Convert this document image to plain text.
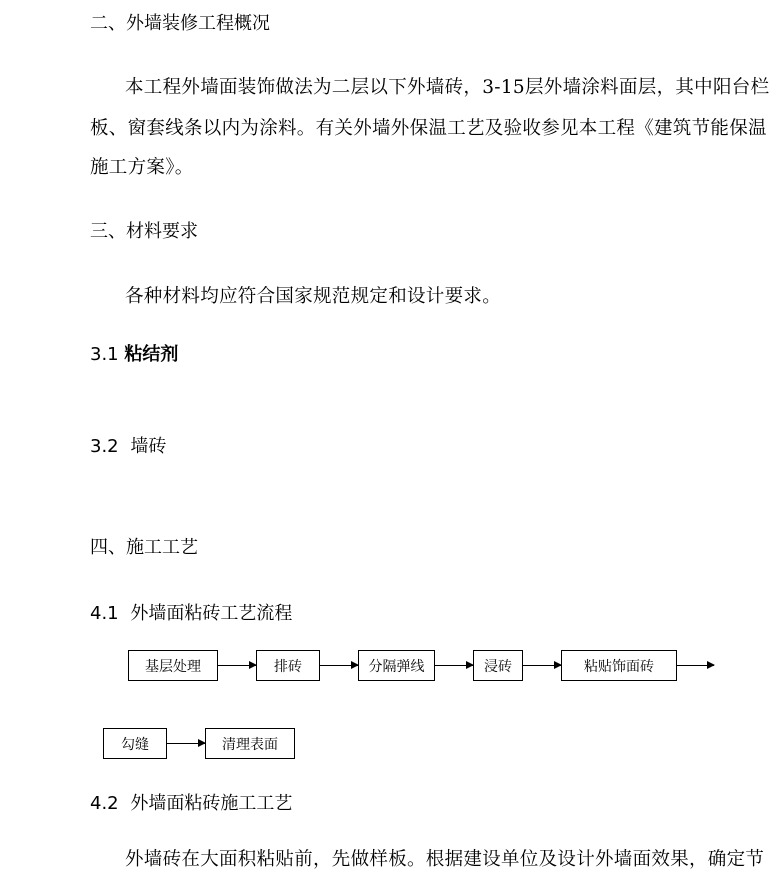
二、外墙装修工程概况
本工程外墙面装饰做法为二层以下外墙砖，3-15层外墙涂料面层，其中阳台栏
板、窗套线条以内为涂料。有关外墙外保温工艺及验收参见本工程《建筑节能保温
施工方案》。
三、材料要求
各种材料均应符合国家规范规定和设计要求。
3.1 粘结剂
3.2 墙砖
四、施工工艺
4.1 外墙面粘砖工艺流程
基层处理	排砖	分隔弹线	浸砖	粘贴饰面砖
勾缝	清理表面
4.2 外墙面粘砖施工工艺
外墙砖在大面积粘贴前，先做样板。根据建设单位及设计外墙面效果，确定节
